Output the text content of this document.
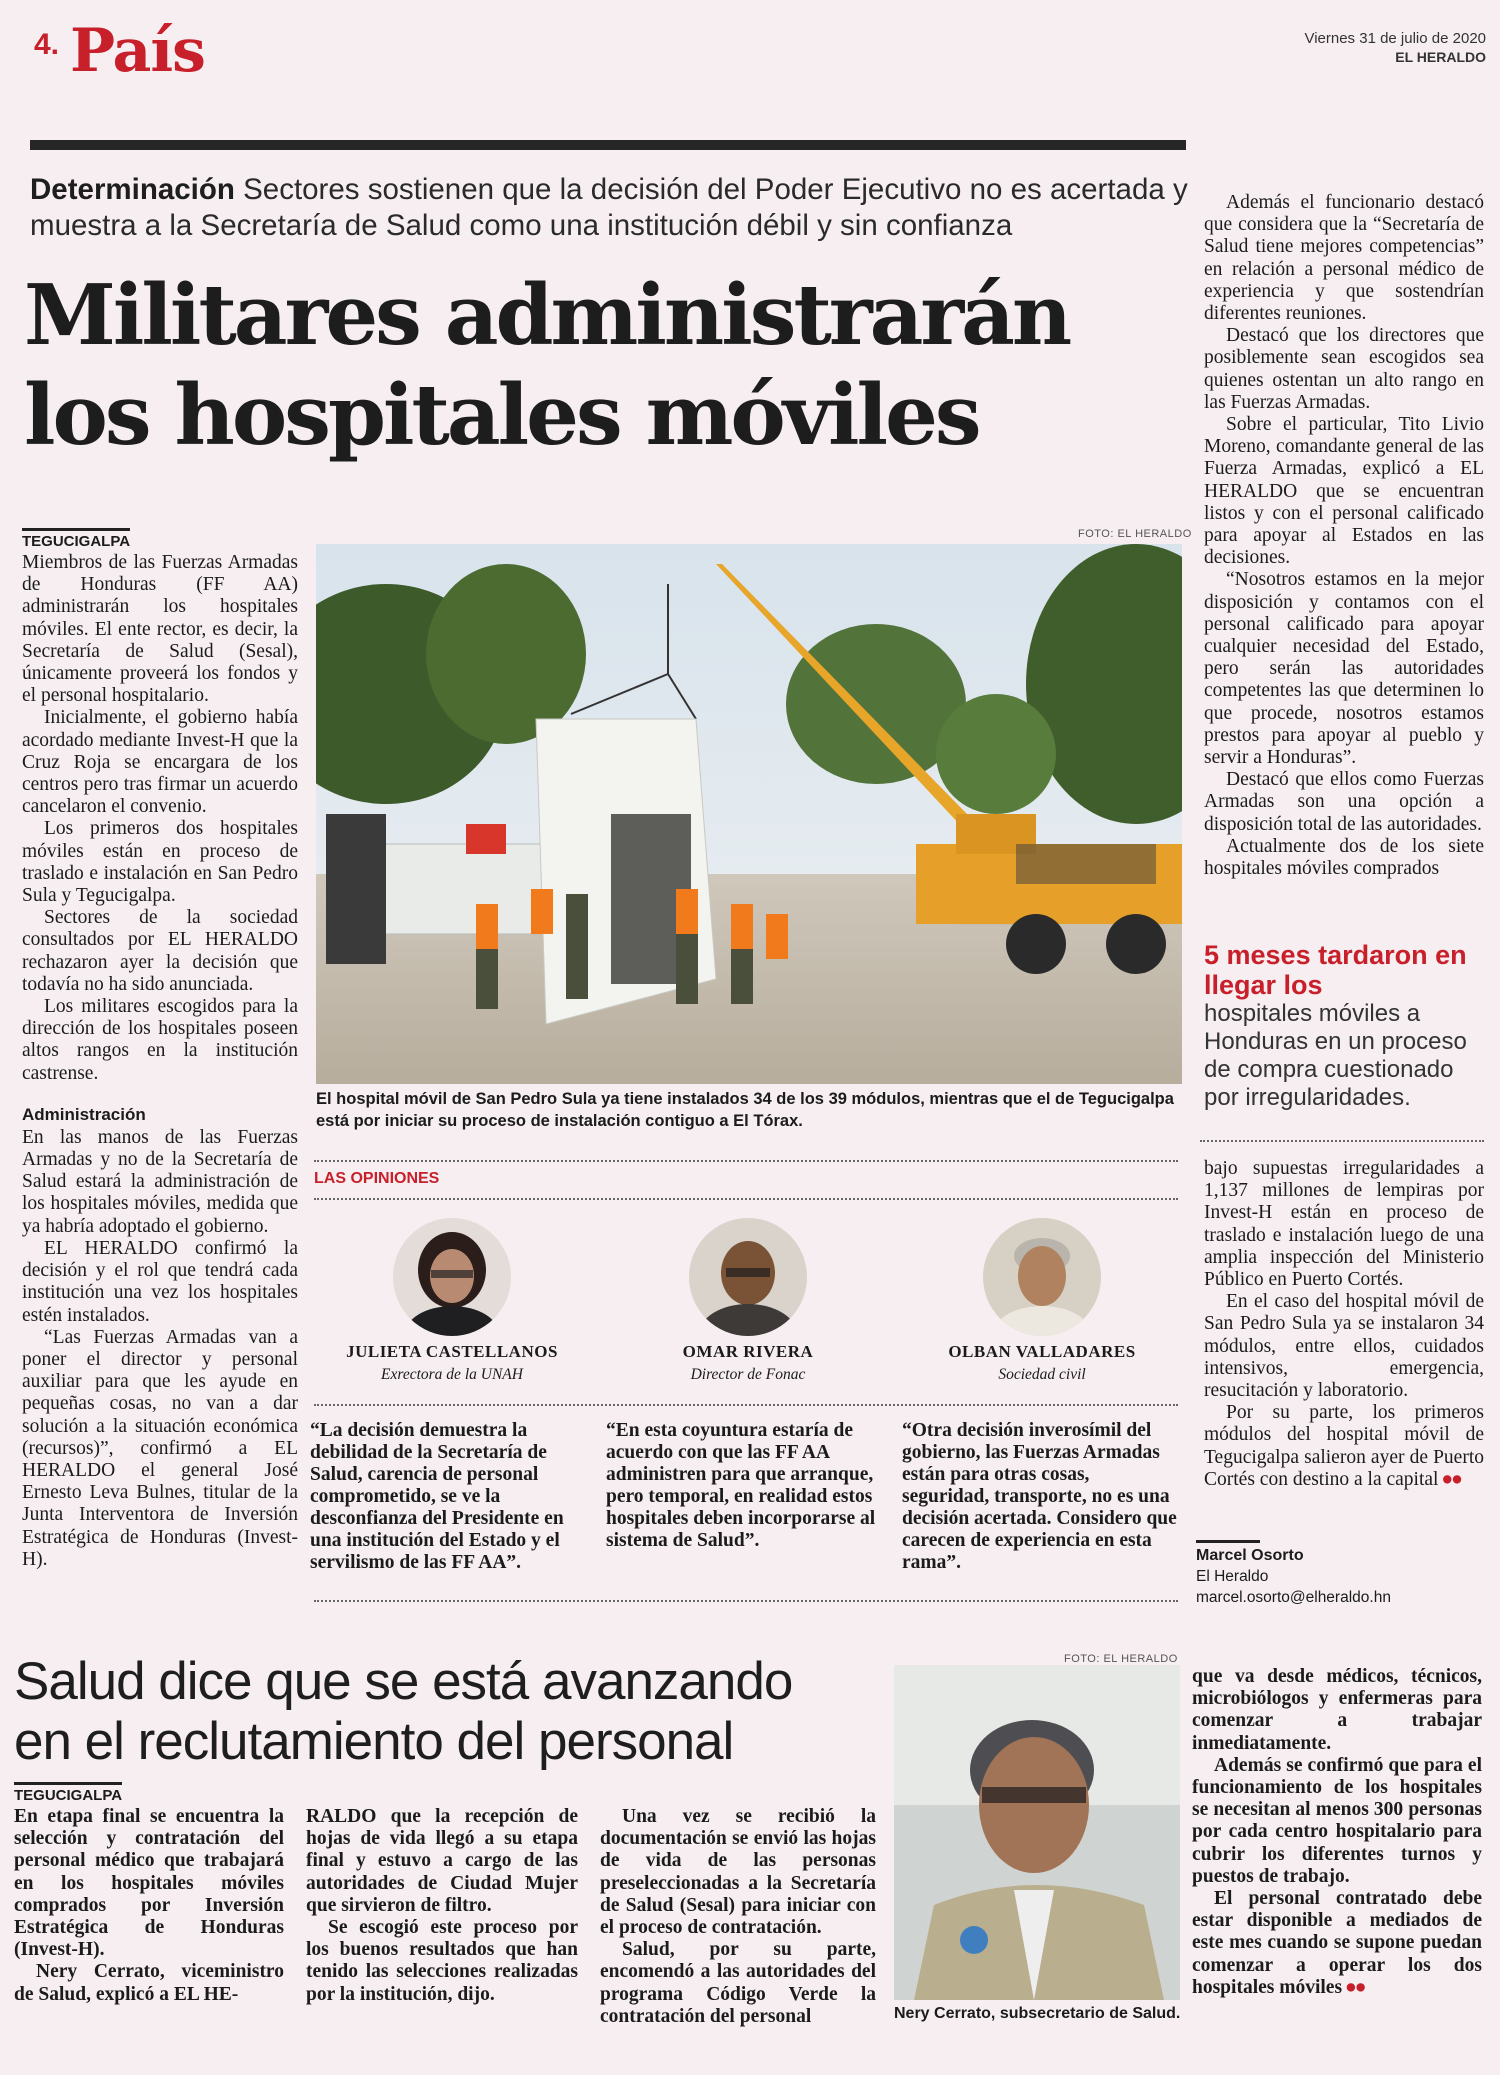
4. País	Viernes 31 de julio de 2020
EL HERALDO
Determinación Sectores sostienen que la decisión del Poder Ejecutivo no es acertada y muestra a la Secretaría de Salud como una institución débil y sin confianza
Militares administrarán
los hospitales móviles
TEGUCIGALPA

Miembros de las Fuerzas Armadas de Honduras (FF AA) administrarán los hospitales móviles. El ente rector, es decir, la Secretaría de Salud (Sesal), únicamente proveerá los fondos y el personal hospitalario.

Inicialmente, el gobierno había acordado mediante Invest-H que la Cruz Roja se encargara de los centros pero tras firmar un acuerdo cancelaron el convenio.

Los primeros dos hospitales móviles están en proceso de traslado e instalación en San Pedro Sula y Tegucigalpa.

Sectores de la sociedad consultados por EL HERALDO rechazaron ayer la decisión que todavía no ha sido anunciada.

Los militares escogidos para la dirección de los hospitales poseen altos rangos en la institución castrense.

Administración

En las manos de las Fuerzas Armadas y no de la Secretaría de Salud estará la administración de los hospitales móviles, medida que ya habría adoptado el gobierno.

EL HERALDO confirmó la decisión y el rol que tendrá cada institución una vez los hospitales estén instalados.

“Las Fuerzas Armadas van a poner el director y personal auxiliar para que les ayude en pequeñas cosas, no van a dar solución a la situación económica (recursos)”, confirmó a EL HERALDO el general José Ernesto Leva Bulnes, titular de la Junta Interventora de Inversión Estratégica de Honduras (Invest-H).

FOTO: EL HERALDO
El hospital móvil de San Pedro Sula ya tiene instalados 34 de los 39 módulos, mientras que el de Tegucigalpa está por iniciar su proceso de instalación contiguo a El Tórax.
LAS OPINIONES
JULIETA CASTELLANOS
Exrectora de la UNAH
OMAR RIVERA
Director de Fonac
OLBAN VALLADARES
Sociedad civil
“La decisión demuestra la debilidad de la Secretaría de Salud, carencia de personal comprometido, se ve la desconfianza del Presidente en una institución del Estado y el servilismo de las FF AA”.
“En esta coyuntura estaría de acuerdo con que las FF AA administren para que arranque, pero temporal, en realidad estos hospitales deben incorporarse al sistema de Salud”.
“Otra decisión inverosímil del gobierno, las Fuerzas Armadas están para otras cosas, seguridad, transporte, no es una decisión acertada. Considero que carecen de experiencia en esta rama”.

Además el funcionario destacó que considera que la “Secretaría de Salud tiene mejores competencias” en relación a personal médico de experiencia y que sostendrían diferentes reuniones.

Destacó que los directores que posiblemente sean escogidos sea quienes ostentan un alto rango en las Fuerzas Armadas.

Sobre el particular, Tito Livio Moreno, comandante general de las Fuerza Armadas, explicó a EL HERALDO que se encuentran listos y con el personal calificado para apoyar al Estados en las decisiones.

“Nosotros estamos en la mejor disposición y contamos con el personal calificado para apoyar cualquier necesidad del Estado, pero serán las autoridades competentes las que determinen lo que procede, nosotros estamos prestos para apoyar al pueblo y servir a Honduras”.

Destacó que ellos como Fuerzas Armadas son una opción a disposición total de las autoridades.

Actualmente dos de los siete hospitales móviles comprados

5 meses tardaron en llegar los
hospitales móviles a Honduras en un proceso de compra cuestionado por irregularidades.

bajo supuestas irregularidades a 1,137 millones de lempiras por Invest-H están en proceso de traslado e instalación luego de una amplia inspección del Ministerio Público en Puerto Cortés.

En el caso del hospital móvil de San Pedro Sula ya se instalaron 34 módulos, entre ellos, cuidados intensivos, emergencia, resucitación y laboratorio.

Por su parte, los primeros módulos del hospital móvil de Tegucigalpa salieron ayer de Puerto Cortés con destino a la capital ●●

Marcel Osorto
El Heraldo
marcel.osorto@elheraldo.hn
Salud dice que se está avanzando
en el reclutamiento del personal
TEGUCIGALPA

En etapa final se encuentra la selección y contratación del personal médico que trabajará en los hospitales móviles comprados por Inversión Estratégica de Honduras (Invest-H).

Nery Cerrato, viceministro de Salud, explicó a EL HE-

RALDO que la recepción de hojas de vida llegó a su etapa final y estuvo a cargo de las autoridades de Ciudad Mujer que sirvieron de filtro.

Se escogió este proceso por los buenos resultados que han tenido las selecciones realizadas por la institución, dijo.

Una vez se recibió la documentación se envió las hojas de vida de las personas preseleccionadas a la Secretaría de Salud (Sesal) para iniciar con el proceso de contratación.

Salud, por su parte, encomendó a las autoridades del programa Código Verde la contratación del personal

FOTO: EL HERALDO
Nery Cerrato, subsecretario de Salud.

que va desde médicos, técnicos, microbiólogos y enfermeras para comenzar a trabajar inmediatamente.

Además se confirmó que para el funcionamiento de los hospitales se necesitan al menos 300 personas por cada centro hospitalario para cubrir los diferentes turnos y puestos de trabajo.

El personal contratado debe estar disponible a mediados de este mes cuando se supone puedan comenzar a operar los dos hospitales móviles ●●
